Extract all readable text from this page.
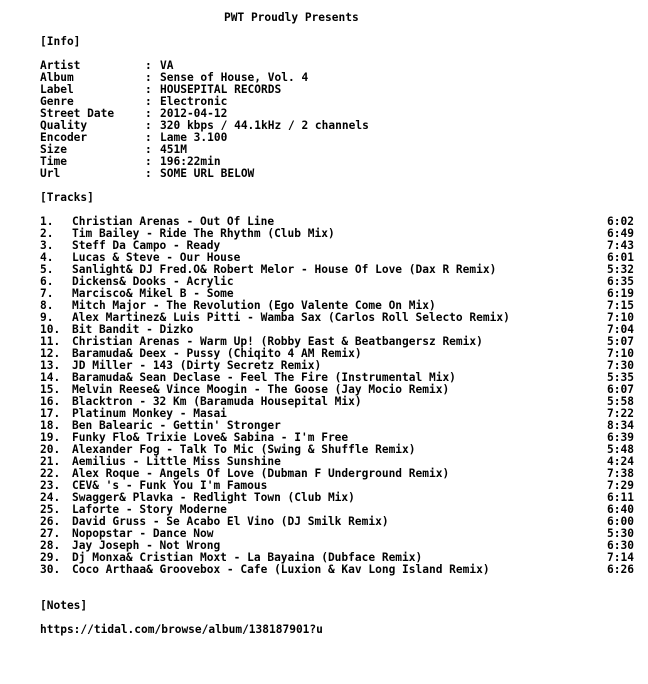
PWT Proudly Presents
[Info]
Artist	: VA
Album	: Sense of House, Vol. 4
Label	: HOUSEPITAL RECORDS
Genre	: Electronic
Street Date	: 2012-04-12
Quality	: 320 kbps / 44.1kHz / 2 channels
Encoder	: Lame 3.100
Size	: 451M
Time	: 196:22min
Url	: SOME URL BELOW
[Tracks]
1. Christian Arenas - Out Of Line	6:02
2. Tim Bailey - Ride The Rhythm (Club Mix)	6:49
3. Steff Da Campo - Ready	7:43
4. Lucas & Steve - Our House	6:01
5. Sanlight& DJ Fred.O& Robert Melor - House Of Love (Dax R Remix)	5:32
6. Dickens& Dooks - Acrylic	6:35
7. Marcisco& Mikel B - Some	6:19
8. Mitch Major - The Revolution (Ego Valente Come On Mix)	7:15
9. Alex Martinez& Luis Pitti - Wamba Sax (Carlos Roll Selecto Remix)	7:10
10. Bit Bandit - Dizko	7:04
11. Christian Arenas - Warm Up! (Robby East & Beatbangersz Remix)	5:07
12. Baramuda& Deex - Pussy (Chiqito 4 AM Remix)	7:10
13. JD Miller - 143 (Dirty Secretz Remix)	7:30
14. Baramuda& Sean Declase - Feel The Fire (Instrumental Mix)	5:35
15. Melvin Reese& Vince Moogin - The Goose (Jay Mocio Remix)	6:07
16. Blacktron - 32 Km (Baramuda Housepital Mix)	5:58
17. Platinum Monkey - Masai	7:22
18. Ben Balearic - Gettin' Stronger	8:34
19. Funky Flo& Trixie Love& Sabina - I'm Free	6:39
20. Alexander Fog - Talk To Mic (Swing & Shuffle Remix)	5:48
21. Aemilius - Little Miss Sunshine	4:24
22. Alex Roque - Angels Of Love (Dubman F Underground Remix)	7:38
23. CEV& 's - Funk You I'm Famous	7:29
24. Swagger& Plavka - Redlight Town (Club Mix)	6:11
25. Laforte - Story Moderne	6:40
26. David Gruss - Se Acabo El Vino (DJ Smilk Remix)	6:00
27. Nopopstar - Dance Now	5:30
28. Jay Joseph - Not Wrong	6:30
29. Dj Monxa& Cristian Moxt - La Bayaina (Dubface Remix)	7:14
30. Coco Arthaa& Groovebox - Cafe (Luxion & Kav Long Island Remix)	6:26
[Notes]
https://tidal.com/browse/album/138187901?u
